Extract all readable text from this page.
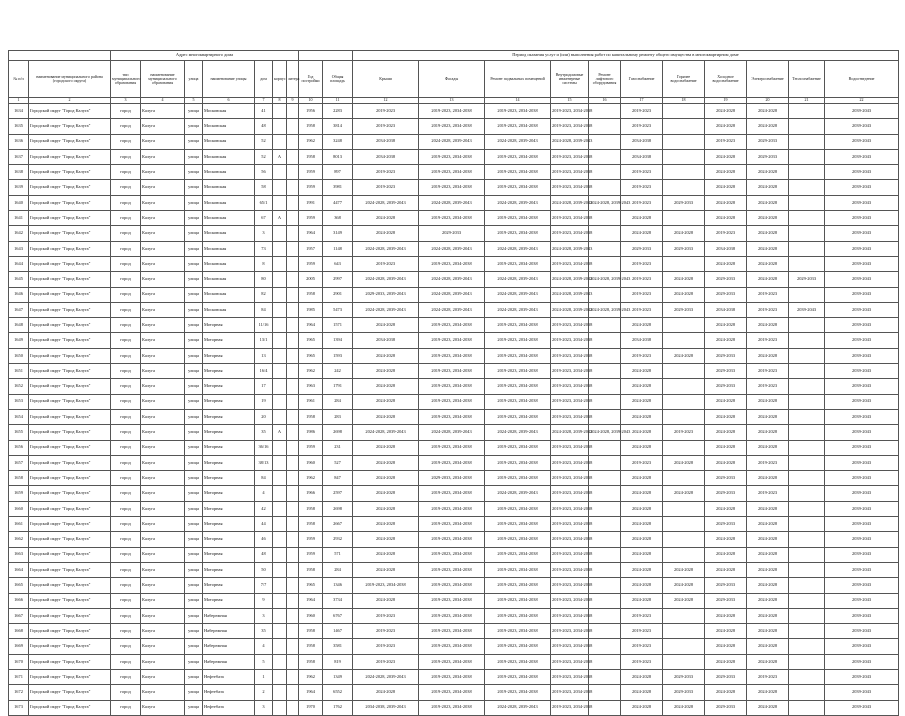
		Адрес многоквартирного дома									Период оказания услуг и (или) выполнения работ по капитальному ремонту общего имущества в многоквартирном доме										
№ п/п	наименование муниципального района (городского округа)	тип муниципального образования	наименование муниципального образования	улица	наименование улицы	дом	корпус	литера	Год постройки	Общая площадь	Крыши	Фасады	Ремонт подвальных помещений	Внутридомовые инженерные системы	Ремонт лифтового оборудования	Газоснабжение	Горячее водоснабжение	Холодное водоснабжение	Электроснабжение	Теплоснабжение	Водоотведение
1	2	3	4	5	6	7	8	9	10	11	12	13	14	15	16	17	18	19	20	21	22
1634	Городской округ "Город Калуга"	город	Калуга	улица	Московская	41			1956	2283	2019-2023	2019-2023, 2034-2038	2019-2023, 2034-2038	2019-2023, 2034-2038		2019-2023		2024-2028	2024-2028		2039-2043
1635	Городской округ "Город Калуга"	город	Калуга	улица	Московская	48			1958	3814	2019-2023	2019-2023, 2034-2038	2019-2023, 2034-2038	2019-2023, 2034-2038		2019-2023		2024-2028	2024-2028		2039-2043
1636	Городской округ "Город Калуга"	город	Калуга	улица	Московская	52			1962	3248	2034-2038	2024-2028, 2039-2043	2024-2028, 2039-2043	2024-2028, 2039-2043		2034-2038		2019-2023	2029-2033		2039-2043
1637	Городской округ "Город Калуга"	город	Калуга	улица	Московская	52	А		1958	8013	2034-2038	2019-2023, 2034-2038	2019-2023, 2034-2038	2019-2023, 2034-2038		2034-2038		2024-2028	2029-2033		2039-2043
1638	Городской округ "Город Калуга"	город	Калуга	улица	Московская	56			1959	897	2019-2023	2019-2023, 2034-2038	2019-2023, 2034-2038	2019-2023, 2034-2038		2019-2023		2024-2028	2024-2028		2039-2043
1639	Городской округ "Город Калуга"	город	Калуга	улица	Московская	58			1959	3981	2019-2023	2019-2023, 2034-2038	2019-2023, 2034-2038	2019-2023, 2034-2038		2019-2023		2024-2028	2024-2028		2039-2043
1640	Городской округ "Город Калуга"	город	Калуга	улица	Московская	65/1			1991	4477	2024-2028, 2039-2043	2024-2028, 2039-2043	2024-2028, 2039-2043	2024-2028, 2039-2043	2024-2028, 2039-2043	2019-2023	2029-2033	2024-2028	2024-2028		2039-2043
1641	Городской округ "Город Калуга"	город	Калуга	улица	Московская	67	А		1959	368	2024-2028	2019-2023, 2034-2038	2019-2023, 2034-2038	2019-2023, 2034-2038		2024-2028		2024-2028	2024-2028		2039-2043
1642	Городской округ "Город Калуга"	город	Калуга	улица	Московская	3			1964	3149	2024-2028	2029-2033	2019-2023, 2034-2038	2019-2023, 2034-2038		2024-2028	2024-2028	2019-2023	2024-2028		2039-2043
1643	Городской округ "Город Калуга"	город	Калуга	улица	Московская	73			1957	1148	2024-2028, 2039-2043	2024-2028, 2039-2043	2024-2028, 2039-2043	2024-2028, 2039-2043		2029-2033	2029-2033	2034-2038	2024-2028		2039-2043
1644	Городской округ "Город Калуга"	город	Калуга	улица	Московская	8			1959	643	2019-2023	2019-2023, 2034-2038	2019-2023, 2034-2038	2019-2023, 2034-2038		2019-2023		2024-2028	2024-2028		2039-2043
1645	Городской округ "Город Калуга"	город	Калуга	улица	Московская	80			2005	2997	2024-2028, 2039-2043	2024-2028, 2039-2043	2024-2028, 2039-2043	2024-2028, 2039-2043	2024-2028, 2039-2043	2019-2023	2024-2028	2029-2033	2024-2028	2029-2033	2039-2043
1646	Городской округ "Город Калуга"	город	Калуга	улица	Московская	82			1958	2901	2029-2033, 2039-2043	2024-2028, 2039-2043	2024-2028, 2039-2043	2024-2028, 2039-2043		2019-2023	2024-2028	2029-2033	2019-2023		2039-2043
1647	Городской округ "Город Калуга"	город	Калуга	улица	Московская	84			1985	5473	2024-2028, 2039-2043	2024-2028, 2039-2043	2024-2028, 2039-2043	2024-2028, 2039-2043	2024-2028, 2039-2043	2019-2023	2029-2033	2034-2038	2019-2023	2039-2043	2039-2043
1648	Городской округ "Город Калуга"	город	Калуга	улица	Моторная	11/16			1964	1571	2024-2028	2019-2023, 2034-2038	2019-2023, 2034-2038	2019-2023, 2034-2038		2024-2028		2024-2028	2024-2028		2039-2043
1649	Городской округ "Город Калуга"	город	Калуга	улица	Моторная	13/1			1965	1394	2034-2038	2019-2023, 2034-2038	2019-2023, 2034-2038	2019-2023, 2034-2038		2034-2038		2024-2028	2019-2023		2039-2043
1650	Городской округ "Город Калуга"	город	Калуга	улица	Моторная	13			1965	1593	2024-2028	2019-2023, 2034-2038	2019-2023, 2034-2038	2019-2023, 2034-2038		2019-2023	2024-2028	2029-2033	2024-2028		2039-2043
1651	Городской округ "Город Калуга"	город	Калуга	улица	Моторная	16/4			1962	242	2024-2028	2019-2023, 2034-2038	2019-2023, 2034-2038	2019-2023, 2034-2038		2024-2028		2029-2033	2019-2023		2039-2043
1652	Городской округ "Город Калуга"	город	Калуга	улица	Моторная	17			1963	1791	2024-2028	2019-2023, 2034-2038	2019-2023, 2034-2038	2019-2023, 2034-2038		2024-2028		2029-2033	2019-2023		2039-2043
1653	Городской округ "Город Калуга"	город	Калуга	улица	Моторная	19			1961	284	2024-2028	2019-2023, 2034-2038	2019-2023, 2034-2038	2019-2023, 2034-2038		2024-2028		2024-2028	2024-2028		2039-2043
1654	Городской округ "Город Калуга"	город	Калуга	улица	Моторная	20			1958	283	2024-2028	2019-2023, 2034-2038	2019-2023, 2034-2038	2019-2023, 2034-2038		2024-2028		2024-2028	2024-2028		2039-2043
1655	Городской округ "Город Калуга"	город	Калуга	улица	Моторная	35	А		1986	2698	2024-2028, 2039-2043	2024-2028, 2039-2043	2024-2028, 2039-2043	2024-2028, 2039-2043	2024-2028, 2039-2043	2024-2028	2019-2023	2024-2028	2024-2028		2039-2043
1656	Городской округ "Город Калуга"	город	Калуга	улица	Моторная	36/16			1959	231	2024-2028	2019-2023, 2034-2038	2019-2023, 2034-2038	2019-2023, 2034-2038		2024-2028		2024-2028	2024-2028		2039-2043
1657	Городской округ "Город Калуга"	город	Калуга	улица	Моторная	38/13			1960	527	2024-2028	2019-2023, 2034-2038	2019-2023, 2034-2038	2019-2023, 2034-2038		2019-2023	2024-2028	2024-2028	2019-2023		2039-2043
1658	Городской округ "Город Калуга"	город	Калуга	улица	Моторная	84			1962	847	2024-2028	2029-2033, 2034-2038	2019-2023, 2034-2038	2019-2023, 2034-2038		2024-2028		2029-2033	2024-2028		2039-2043
1659	Городской округ "Город Калуга"	город	Калуга	улица	Моторная	4			1966	2597	2024-2028	2019-2023, 2034-2038	2024-2028, 2039-2043	2019-2023, 2034-2038		2024-2028	2024-2028	2029-2033	2019-2023		2039-2043
1660	Городской округ "Город Калуга"	город	Калуга	улица	Моторная	42			1958	2698	2024-2028	2019-2023, 2034-2038	2019-2023, 2034-2038	2019-2023, 2034-2038		2024-2028		2024-2028	2024-2028		2039-2043
1661	Городской округ "Город Калуга"	город	Калуга	улица	Моторная	44			1958	2667	2024-2028	2019-2023, 2034-2038	2019-2023, 2034-2038	2019-2023, 2034-2038		2024-2028		2029-2033	2024-2028		2039-2043
1662	Городской округ "Город Калуга"	город	Калуга	улица	Моторная	46			1959	2932	2024-2028	2019-2023, 2034-2038	2019-2023, 2034-2038	2019-2023, 2034-2038		2024-2028		2024-2028	2024-2028		2039-2043
1663	Городской округ "Город Калуга"	город	Калуга	улица	Моторная	48			1959	571	2024-2028	2019-2023, 2034-2038	2019-2023, 2034-2038	2019-2023, 2034-2038		2024-2028		2024-2028	2024-2028		2039-2043
1664	Городской округ "Город Калуга"	город	Калуга	улица	Моторная	50			1958	284	2024-2028	2019-2023, 2034-2038	2019-2023, 2034-2038	2019-2023, 2034-2038		2024-2028	2024-2028	2024-2028	2024-2028		2039-2043
1665	Городской округ "Город Калуга"	город	Калуга	улица	Моторная	7/7			1965	1346	2019-2023, 2034-2038	2019-2023, 2034-2038	2019-2023, 2034-2038	2019-2023, 2034-2038		2024-2028	2024-2028	2029-2033	2024-2028		2039-2043
1666	Городской округ "Город Калуга"	город	Калуга	улица	Моторная	9			1964	3734	2024-2028	2019-2023, 2034-2038	2019-2023, 2034-2038	2019-2023, 2034-2038		2024-2028	2024-2028	2029-2033	2024-2028		2039-2043
1667	Городской округ "Город Калуга"	город	Калуга	улица	Набережная	3			1960	6767	2019-2023	2019-2023, 2034-2038	2019-2023, 2034-2038	2019-2023, 2034-2038		2019-2023		2024-2028	2024-2028		2039-2043
1668	Городской округ "Город Калуга"	город	Калуга	улица	Набережная	35			1958	1467	2019-2023	2019-2023, 2034-2038	2019-2023, 2034-2038	2019-2023, 2034-2038		2019-2023		2024-2028	2024-2028		2039-2043
1669	Городской округ "Город Калуга"	город	Калуга	улица	Набережная	4			1958	3581	2019-2023	2019-2023, 2034-2038	2019-2023, 2034-2038	2019-2023, 2034-2038		2019-2023		2024-2028	2024-2028		2039-2043
1670	Городской округ "Город Калуга"	город	Калуга	улица	Набережная	5			1958	819	2019-2023	2019-2023, 2034-2038	2019-2023, 2034-2038	2019-2023, 2034-2038		2019-2023		2024-2028	2024-2028		2039-2043
1671	Городской округ "Город Калуга"	город	Калуга	улица	Нефтебаза	1			1962	1349	2024-2028, 2039-2043	2019-2023, 2034-2038	2019-2023, 2034-2038	2019-2023, 2034-2038		2024-2028	2029-2033	2029-2033	2019-2023		2039-2043
1672	Городской округ "Город Калуга"	город	Калуга	улица	Нефтебаза	2			1964	6552	2024-2028	2019-2023, 2034-2038	2019-2023, 2034-2038	2019-2023, 2034-2038		2024-2028	2029-2033	2024-2028	2024-2028		2039-2043
1673	Городской округ "Город Калуга"	город	Калуга	улица	Нефтебаза	3			1970	1762	2034-2038, 2039-2043	2019-2023, 2034-2038	2024-2028, 2039-2043	2019-2023, 2034-2038		2024-2028	2024-2028	2029-2033	2024-2028		2039-2043
